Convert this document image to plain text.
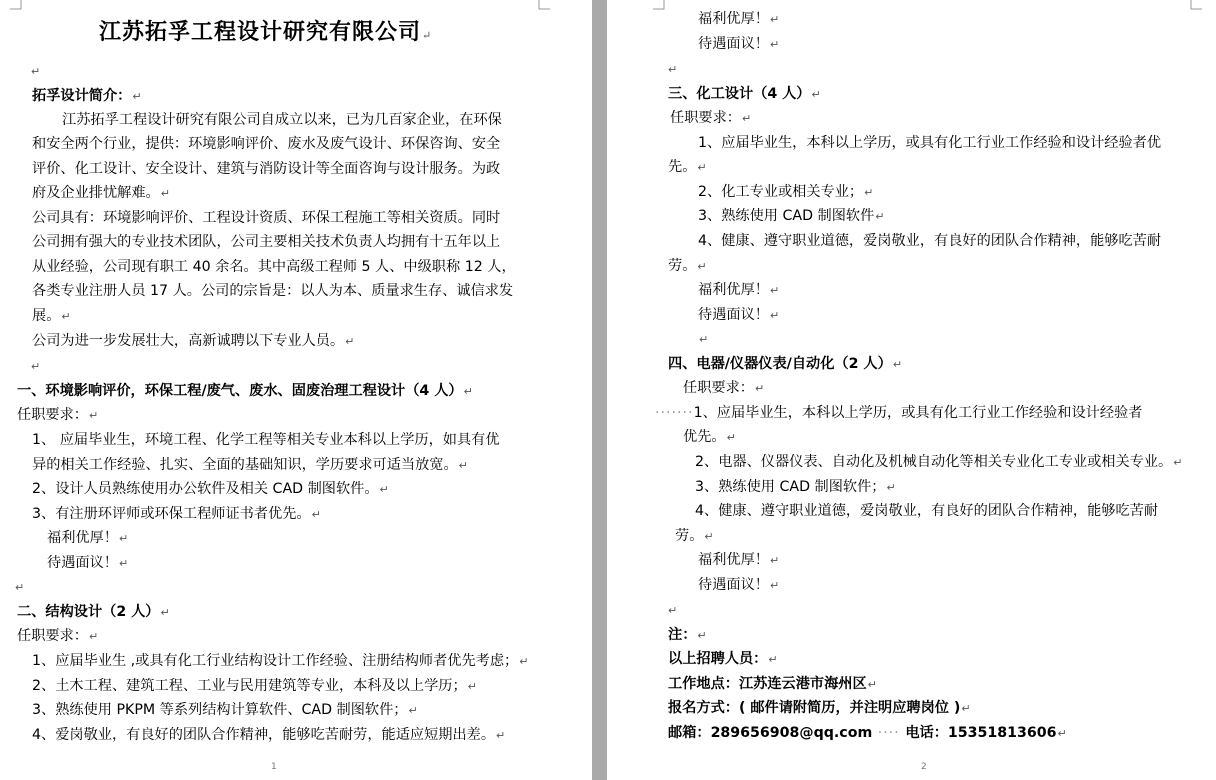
江苏拓孚工程设计研究有限公司↵
↵
拓孚设计简介：↵
江苏拓孚工程设计研究有限公司自成立以来，已为几百家企业，在环保
和安全两个行业，提供：环境影响评价、废水及废气设计、环保咨询、安全
评价、化工设计、安全设计、建筑与消防设计等全面咨询与设计服务。为政
府及企业排忧解难。↵
公司具有：环境影响评价、工程设计资质、环保工程施工等相关资质。同时
公司拥有强大的专业技术团队，公司主要相关技术负责人均拥有十五年以上
从业经验，公司现有职工 40 余名。其中高级工程师 5 人、中级职称 12 人，
各类专业注册人员 17 人。公司的宗旨是：以人为本、质量求生存、诚信求发
展。↵
公司为进一步发展壮大，高新诚聘以下专业人员。↵
↵
一、环境影响评价，环保工程/废气、废水、固废治理工程设计（4 人）↵
任职要求：↵
1、 应届毕业生，环境工程、化学工程等相关专业本科以上学历，如具有优
异的相关工作经验、扎实、全面的基础知识，学历要求可适当放宽。↵
2、设计人员熟练使用办公软件及相关 CAD 制图软件。↵
3、有注册环评师或环保工程师证书者优先。↵
福利优厚！↵
待遇面议！↵
↵
二、结构设计（2 人）↵
任职要求：↵
1、应届毕业生 ,或具有化工行业结构设计工作经验、注册结构师者优先考虑；↵
2、土木工程、建筑工程、工业与民用建筑等专业，本科及以上学历；↵
3、熟练使用 PKPM 等系列结构计算软件、CAD 制图软件；↵
4、爱岗敬业，有良好的团队合作精神，能够吃苦耐劳，能适应短期出差。↵
1
福利优厚！↵
待遇面议！↵
↵
三、化工设计（4 人）↵
任职要求：↵
1、应届毕业生，本科以上学历，或具有化工行业工作经验和设计经验者优
先。↵
2、化工专业或相关专业；↵
3、熟练使用 CAD 制图软件↵
4、健康、遵守职业道德，爱岗敬业，有良好的团队合作精神，能够吃苦耐
劳。↵
福利优厚！↵
待遇面议！↵
↵
四、电器/仪器仪表/自动化（2 人）↵
任职要求：↵
·······1、应届毕业生，本科以上学历，或具有化工行业工作经验和设计经验者
优先。↵
2、电器、仪器仪表、自动化及机械自动化等相关专业化工专业或相关专业。↵
3、熟练使用 CAD 制图软件；↵
4、健康、遵守职业道德，爱岗敬业，有良好的团队合作精神，能够吃苦耐
劳。↵
福利优厚！↵
待遇面议！↵
↵
注：↵
以上招聘人员：↵
工作地点：江苏连云港市海州区↵
报名方式：( 邮件请附简历，并注明应聘岗位 )↵
邮箱：289656908@qq.com ···· 电话：15351813606↵
2
